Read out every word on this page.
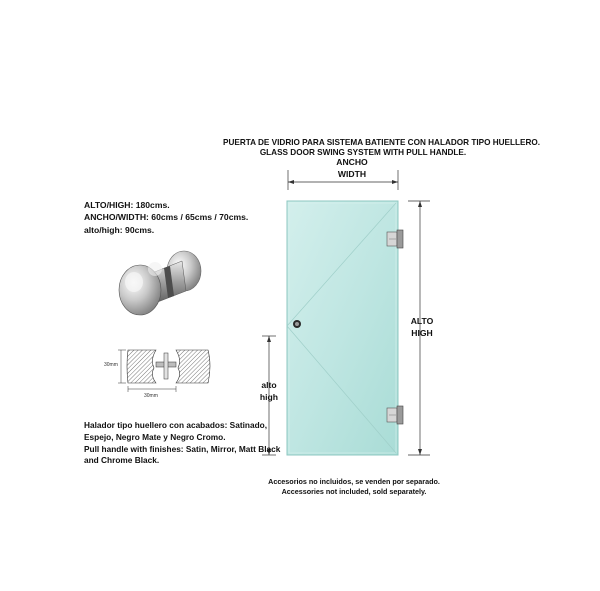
PUERTA DE VIDRIO PARA SISTEMA BATIENTE CON HALADOR TIPO HUELLERO.
GLASS DOOR SWING SYSTEM WITH PULL HANDLE.
ALTO/HIGH: 180cms.
ANCHO/WIDTH: 60cms / 65cms / 70cms.
alto/high: 90cms.
30mm
30mm
ANCHO
WIDTH
ALTO
HIGH
alto
high
Halador tipo huellero con acabados: Satinado,
Espejo, Negro Mate y Negro Cromo.
Pull handle with finishes: Satin, Mirror, Matt Black
and Chrome Black.
Accesorios no incluidos, se venden por separado.
Accessories not included, sold separately.
